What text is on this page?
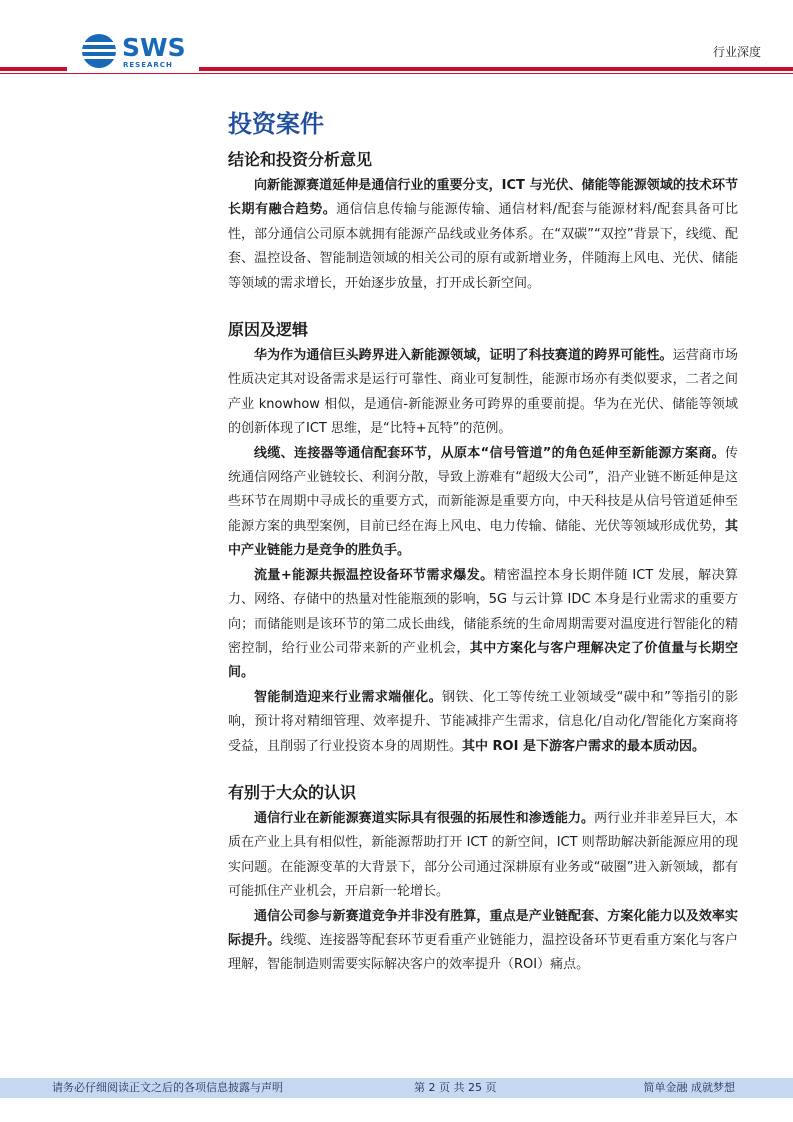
SWS
RESEARCH
行业深度
投资案件
结论和投资分析意见

向新能源赛道延伸是通信行业的重要分支，ICT 与光伏、储能等能源领域的技术环节长期有融合趋势。通信信息传输与能源传输、通信材料/配套与能源材料/配套具备可比性，部分通信公司原本就拥有能源产品线或业务体系。在“双碳”“双控”背景下，线缆、配套、温控设备、智能制造领域的相关公司的原有或新增业务，伴随海上风电、光伏、储能等领域的需求增长，开始逐步放量，打开成长新空间。

原因及逻辑

华为作为通信巨头跨界进入新能源领域，证明了科技赛道的跨界可能性。运营商市场性质决定其对设备需求是运行可靠性、商业可复制性，能源市场亦有类似要求，二者之间产业 knowhow 相似，是通信-新能源业务可跨界的重要前提。华为在光伏、储能等领域的创新体现了ICT 思维，是“比特+瓦特”的范例。

线缆、连接器等通信配套环节，从原本“信号管道”的角色延伸至新能源方案商。传统通信网络产业链较长、利润分散，导致上游难有“超级大公司”，沿产业链不断延伸是这些环节在周期中寻成长的重要方式，而新能源是重要方向，中天科技是从信号管道延伸至能源方案的典型案例，目前已经在海上风电、电力传输、储能、光伏等领域形成优势，其中产业链能力是竞争的胜负手。

流量+能源共振温控设备环节需求爆发。精密温控本身长期伴随 ICT 发展，解决算力、网络、存储中的热量对性能瓶颈的影响，5G 与云计算 IDC 本身是行业需求的重要方向；而储能则是该环节的第二成长曲线，储能系统的生命周期需要对温度进行智能化的精密控制，给行业公司带来新的产业机会，其中方案化与客户理解决定了价值量与长期空间。

智能制造迎来行业需求端催化。钢铁、化工等传统工业领域受“碳中和”等指引的影响，预计将对精细管理、效率提升、节能减排产生需求，信息化/自动化/智能化方案商将受益，且削弱了行业投资本身的周期性。其中 ROI 是下游客户需求的最本质动因。

有别于大众的认识

通信行业在新能源赛道实际具有很强的拓展性和渗透能力。两行业并非差异巨大，本质在产业上具有相似性，新能源帮助打开 ICT 的新空间，ICT 则帮助解决新能源应用的现实问题。在能源变革的大背景下，部分公司通过深耕原有业务或“破圈”进入新领域，都有可能抓住产业机会，开启新一轮增长。

通信公司参与新赛道竞争并非没有胜算，重点是产业链配套、方案化能力以及效率实际提升。线缆、连接器等配套环节更看重产业链能力，温控设备环节更看重方案化与客户理解，智能制造则需要实际解决客户的效率提升（ROI）痛点。

请务必仔细阅读正文之后的各项信息披露与声明	第 2 页 共 25 页	简单金融 成就梦想
